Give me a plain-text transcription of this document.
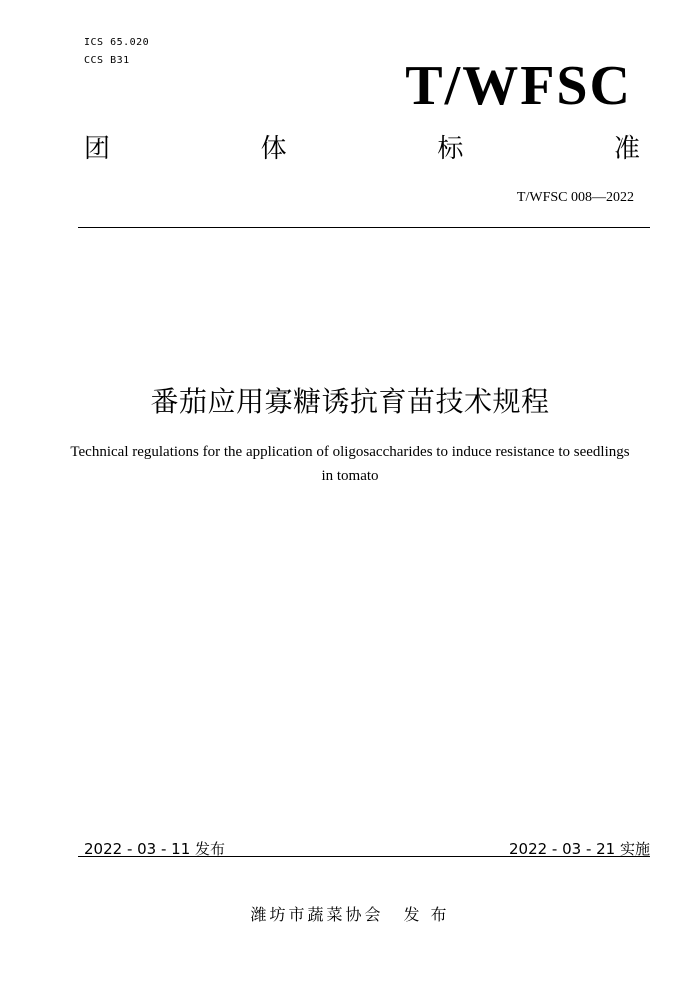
ICS 65.020
CCS B31	T/WFSC
团	体	标	准
T/WFSC 008—2022
番茄应用寡糖诱抗育苗技术规程
Technical regulations for the application of oligosaccharides to induce resistance to seedlings in tomato
2022 - 03 - 11 发布	2022 - 03 - 21 实施
潍坊市蔬菜协会 发 布
